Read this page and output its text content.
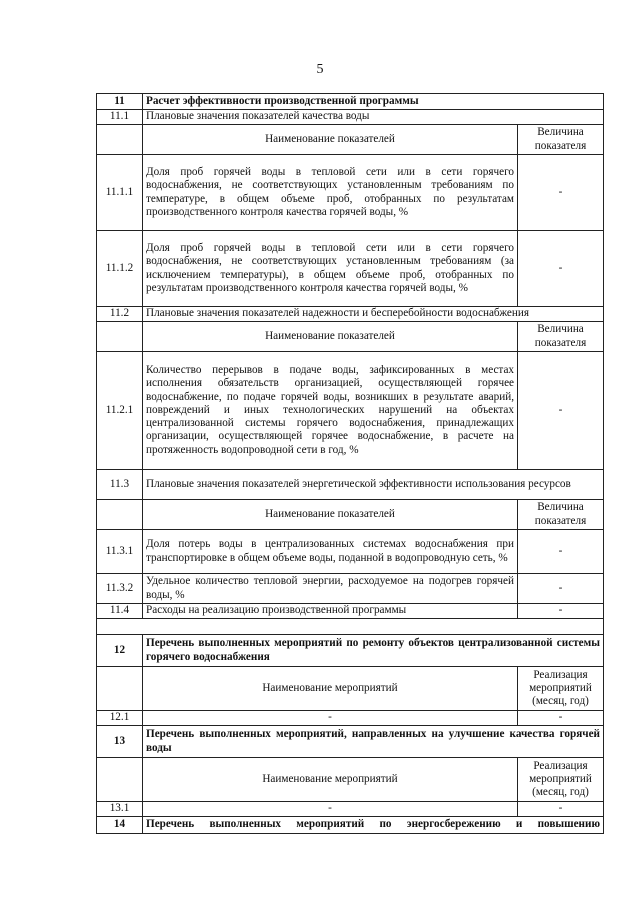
5
11	Расчет эффективности производственной программы	
11.1	Плановые значения показателей качества воды	
	Наименование показателей	Величина показателя
11.1.1	Доля проб горячей воды в тепловой сети или в сети горячего водоснабжения, не соответствующих установленным требованиям по температуре, в общем объеме проб, отобранных по результатам производственного контроля качества горячей воды, %	-
11.1.2	Доля проб горячей воды в тепловой сети или в сети горячего водоснабжения, не соответствующих установленным требованиям (за исключением температуры), в общем объеме проб, отобранных по результатам производственного контроля качества горячей воды, %	-
11.2	Плановые значения показателей надежности и бесперебойности водоснабжения	
	Наименование показателей	Величина показателя
11.2.1	Количество перерывов в подаче воды, зафиксированных в местах исполнения обязательств организацией, осуществляющей горячее водоснабжение, по подаче горячей воды, возникших в результате аварий, повреждений и иных технологических нарушений на объектах централизованной системы горячего водоснабжения, принадлежащих организации, осуществляющей горячее водоснабжение, в расчете на протяженность водопроводной сети в год, %	-
11.3	Плановые значения показателей энергетической эффективности использования ресурсов	
	Наименование показателей	Величина показателя
11.3.1	Доля потерь воды в централизованных системах водоснабжения при транспортировке в общем объеме воды, поданной в водопроводную сеть, %	-
11.3.2	Удельное количество тепловой энергии, расходуемое на подогрев горячей воды, %	-
11.4	Расходы на реализацию производственной программы	-

12	Перечень выполненных мероприятий по ремонту объектов централизованной системы горячего водоснабжения	
	Наименование мероприятий	Реализация мероприятий (месяц, год)
12.1	-	-
13	Перечень выполненных мероприятий, направленных на улучшение качества горячей воды	
	Наименование мероприятий	Реализация мероприятий (месяц, год)
13.1	-	-
14	Перечень выполненных мероприятий по энергосбережению и повышению	
